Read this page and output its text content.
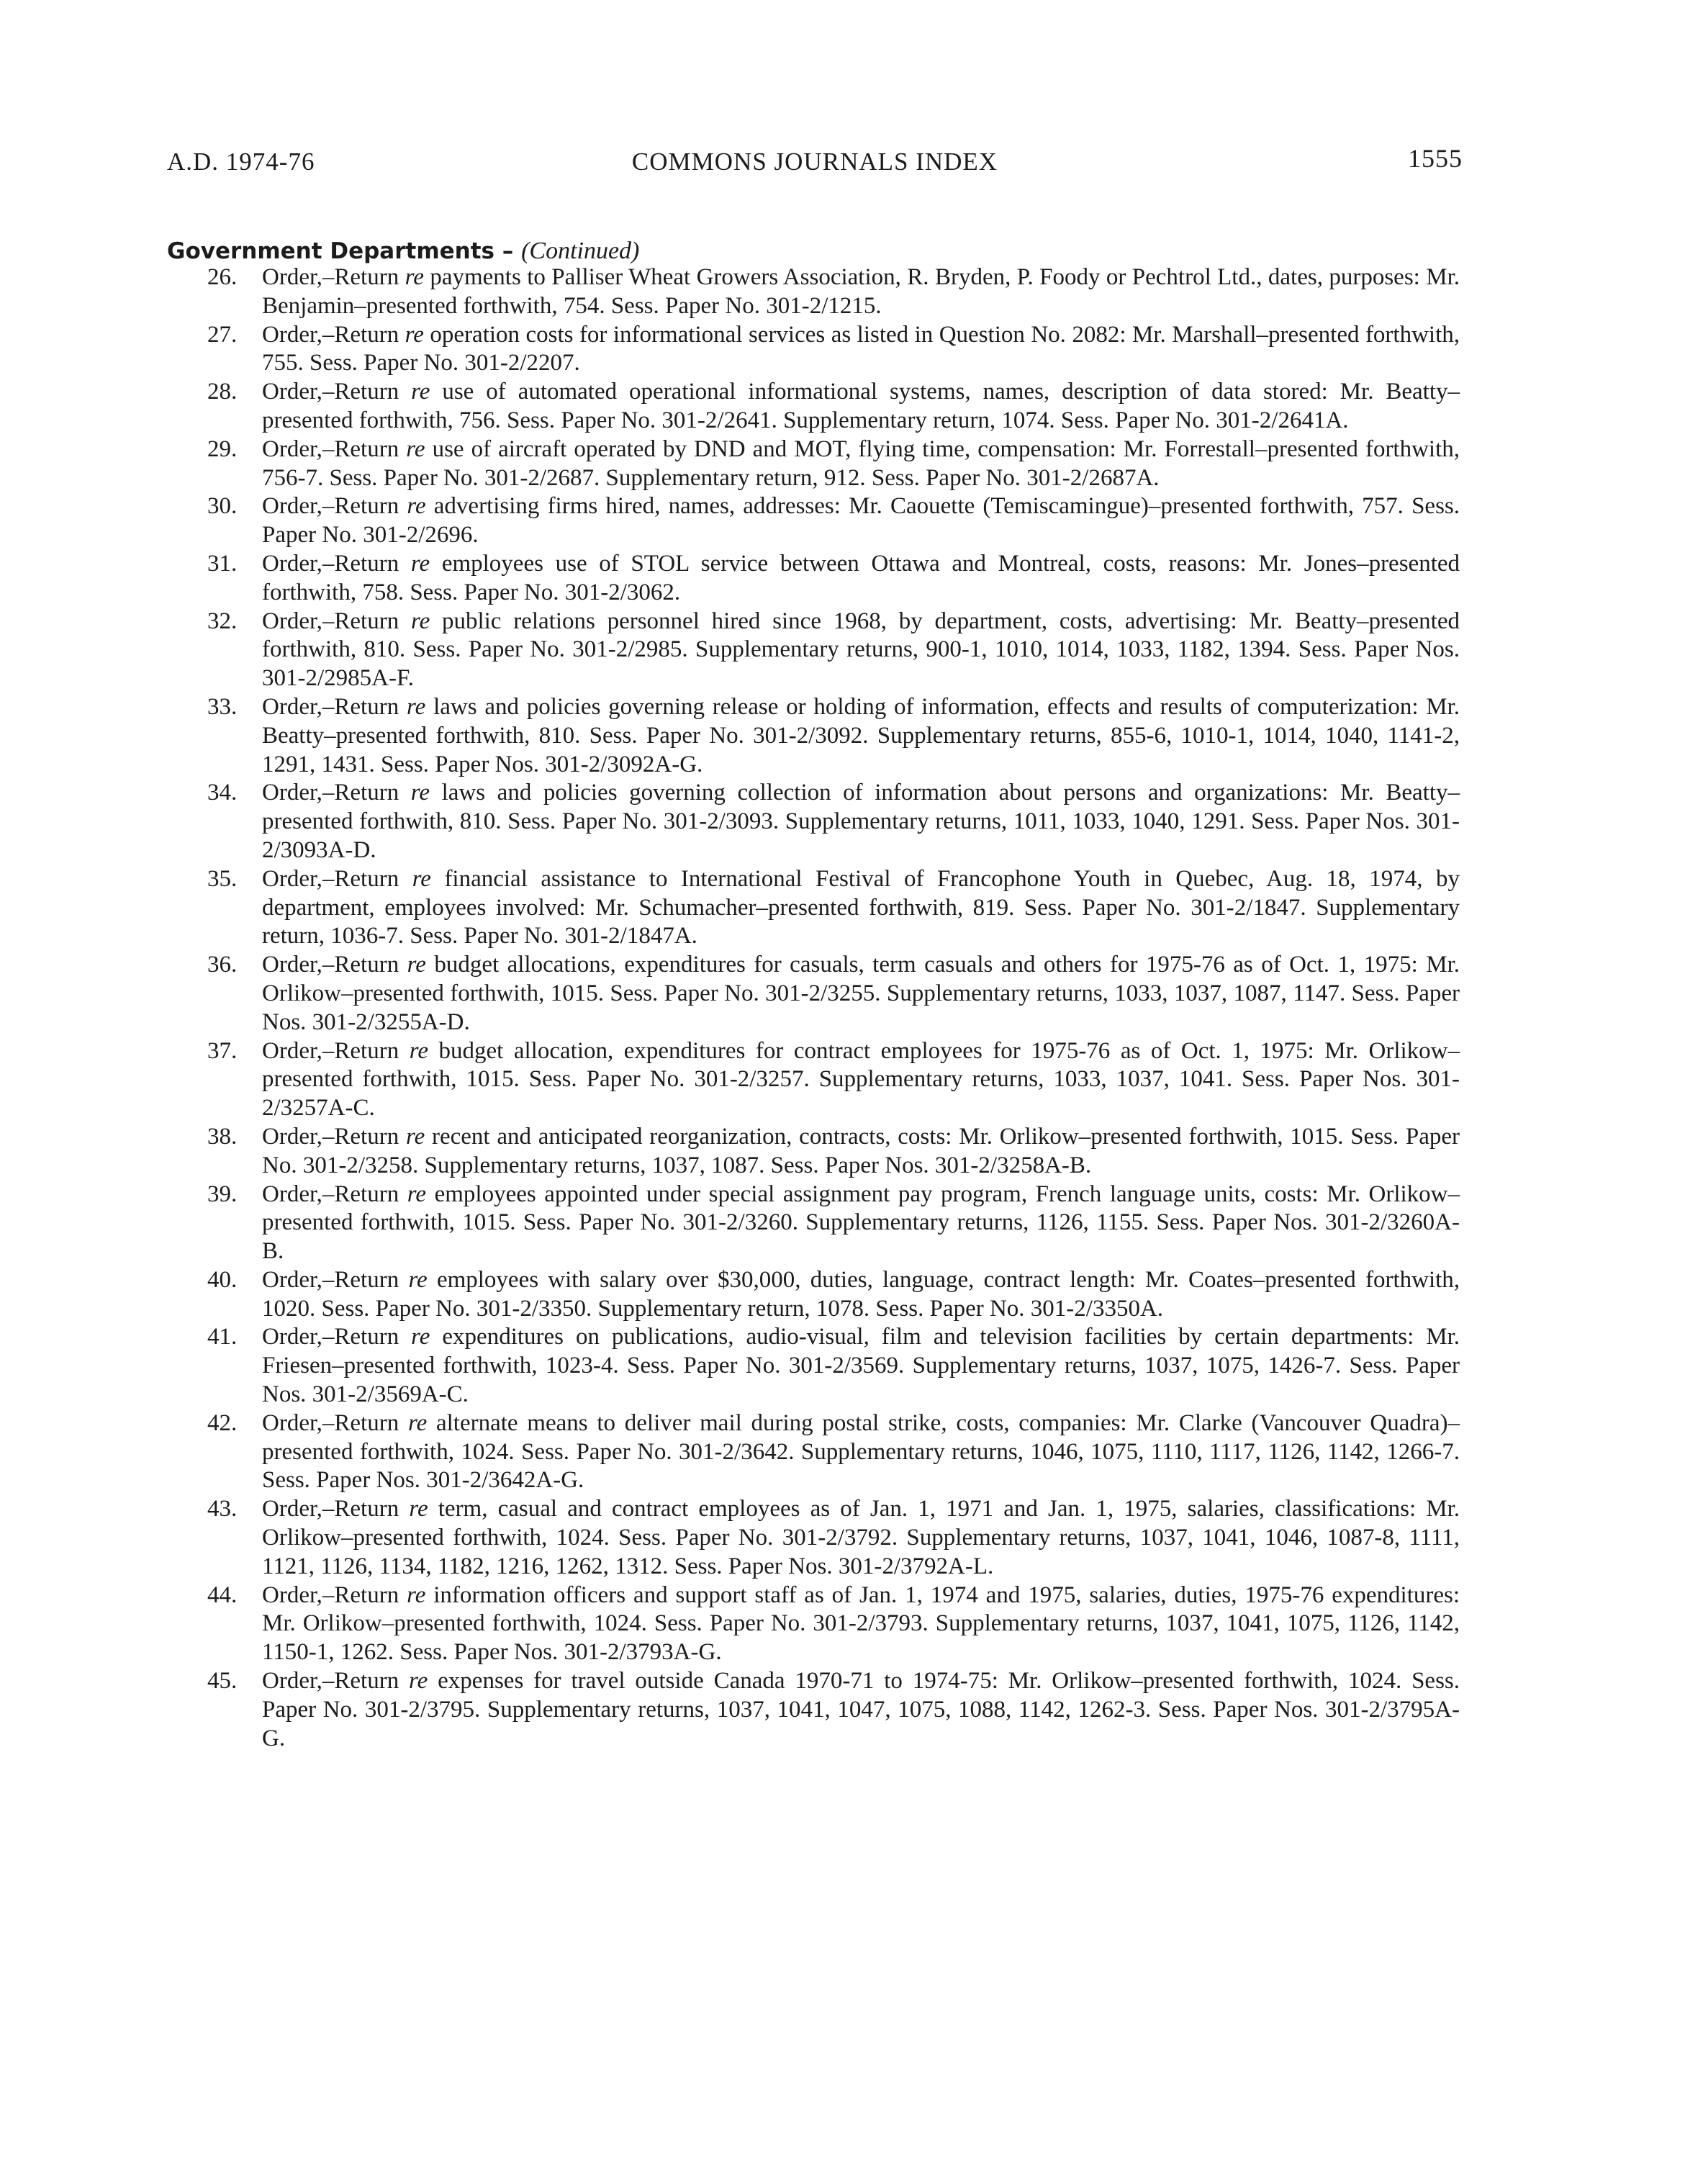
A.D. 1974-76	COMMONS JOURNALS INDEX	1555
Government Departments – (Continued)
26. Order,–Return re payments to Palliser Wheat Growers Association, R. Bryden, P. Foody or Pechtrol Ltd., dates, purposes: Mr. Benjamin–presented forthwith, 754. Sess. Paper No. 301-2/1215.
27. Order,–Return re operation costs for informational services as listed in Question No. 2082: Mr. Marshall–presented forthwith, 755. Sess. Paper No. 301-2/2207.
28. Order,–Return re use of automated operational informational systems, names, description of data stored: Mr. Beatty–presented forthwith, 756. Sess. Paper No. 301-2/2641. Supplementary return, 1074. Sess. Paper No. 301-2/2641A.
29. Order,–Return re use of aircraft operated by DND and MOT, flying time, compensation: Mr. Forrestall–presented forthwith, 756-7. Sess. Paper No. 301-2/2687. Supplementary return, 912. Sess. Paper No. 301-2/2687A.
30. Order,–Return re advertising firms hired, names, addresses: Mr. Caouette (Temiscamingue)–presented forthwith, 757. Sess. Paper No. 301-2/2696.
31. Order,–Return re employees use of STOL service between Ottawa and Montreal, costs, reasons: Mr. Jones–presented forthwith, 758. Sess. Paper No. 301-2/3062.
32. Order,–Return re public relations personnel hired since 1968, by department, costs, advertising: Mr. Beatty–presented forthwith, 810. Sess. Paper No. 301-2/2985. Supplementary returns, 900-1, 1010, 1014, 1033, 1182, 1394. Sess. Paper Nos. 301-2/2985A-F.
33. Order,–Return re laws and policies governing release or holding of information, effects and results of computerization: Mr. Beatty–presented forthwith, 810. Sess. Paper No. 301-2/3092. Supplementary returns, 855-6, 1010-1, 1014, 1040, 1141-2, 1291, 1431. Sess. Paper Nos. 301-2/3092A-G.
34. Order,–Return re laws and policies governing collection of information about persons and organizations: Mr. Beatty–presented forthwith, 810. Sess. Paper No. 301-2/3093. Supplementary returns, 1011, 1033, 1040, 1291. Sess. Paper Nos. 301-2/3093A-D.
35. Order,–Return re financial assistance to International Festival of Francophone Youth in Quebec, Aug. 18, 1974, by department, employees involved: Mr. Schumacher–presented forthwith, 819. Sess. Paper No. 301-2/1847. Supplementary return, 1036-7. Sess. Paper No. 301-2/1847A.
36. Order,–Return re budget allocations, expenditures for casuals, term casuals and others for 1975-76 as of Oct. 1, 1975: Mr. Orlikow–presented forthwith, 1015. Sess. Paper No. 301-2/3255. Supplementary returns, 1033, 1037, 1087, 1147. Sess. Paper Nos. 301-2/3255A-D.
37. Order,–Return re budget allocation, expenditures for contract employees for 1975-76 as of Oct. 1, 1975: Mr. Orlikow–presented forthwith, 1015. Sess. Paper No. 301-2/3257. Supplementary returns, 1033, 1037, 1041. Sess. Paper Nos. 301-2/3257A-C.
38. Order,–Return re recent and anticipated reorganization, contracts, costs: Mr. Orlikow–presented forthwith, 1015. Sess. Paper No. 301-2/3258. Supplementary returns, 1037, 1087. Sess. Paper Nos. 301-2/3258A-B.
39. Order,–Return re employees appointed under special assignment pay program, French language units, costs: Mr. Orlikow–presented forthwith, 1015. Sess. Paper No. 301-2/3260. Supplementary returns, 1126, 1155. Sess. Paper Nos. 301-2/3260A-B.
40. Order,–Return re employees with salary over $30,000, duties, language, contract length: Mr. Coates–presented forthwith, 1020. Sess. Paper No. 301-2/3350. Supplementary return, 1078. Sess. Paper No. 301-2/3350A.
41. Order,–Return re expenditures on publications, audio-visual, film and television facilities by certain departments: Mr. Friesen–presented forthwith, 1023-4. Sess. Paper No. 301-2/3569. Supplementary returns, 1037, 1075, 1426-7. Sess. Paper Nos. 301-2/3569A-C.
42. Order,–Return re alternate means to deliver mail during postal strike, costs, companies: Mr. Clarke (Vancouver Quadra)–presented forthwith, 1024. Sess. Paper No. 301-2/3642. Supplementary returns, 1046, 1075, 1110, 1117, 1126, 1142, 1266-7. Sess. Paper Nos. 301-2/3642A-G.
43. Order,–Return re term, casual and contract employees as of Jan. 1, 1971 and Jan. 1, 1975, salaries, classifications: Mr. Orlikow–presented forthwith, 1024. Sess. Paper No. 301-2/3792. Supplementary returns, 1037, 1041, 1046, 1087-8, 1111, 1121, 1126, 1134, 1182, 1216, 1262, 1312. Sess. Paper Nos. 301-2/3792A-L.
44. Order,–Return re information officers and support staff as of Jan. 1, 1974 and 1975, salaries, duties, 1975-76 expenditures: Mr. Orlikow–presented forthwith, 1024. Sess. Paper No. 301-2/3793. Supplementary returns, 1037, 1041, 1075, 1126, 1142, 1150-1, 1262. Sess. Paper Nos. 301-2/3793A-G.
45. Order,–Return re expenses for travel outside Canada 1970-71 to 1974-75: Mr. Orlikow–presented forthwith, 1024. Sess. Paper No. 301-2/3795. Supplementary returns, 1037, 1041, 1047, 1075, 1088, 1142, 1262-3. Sess. Paper Nos. 301-2/3795A-G.
